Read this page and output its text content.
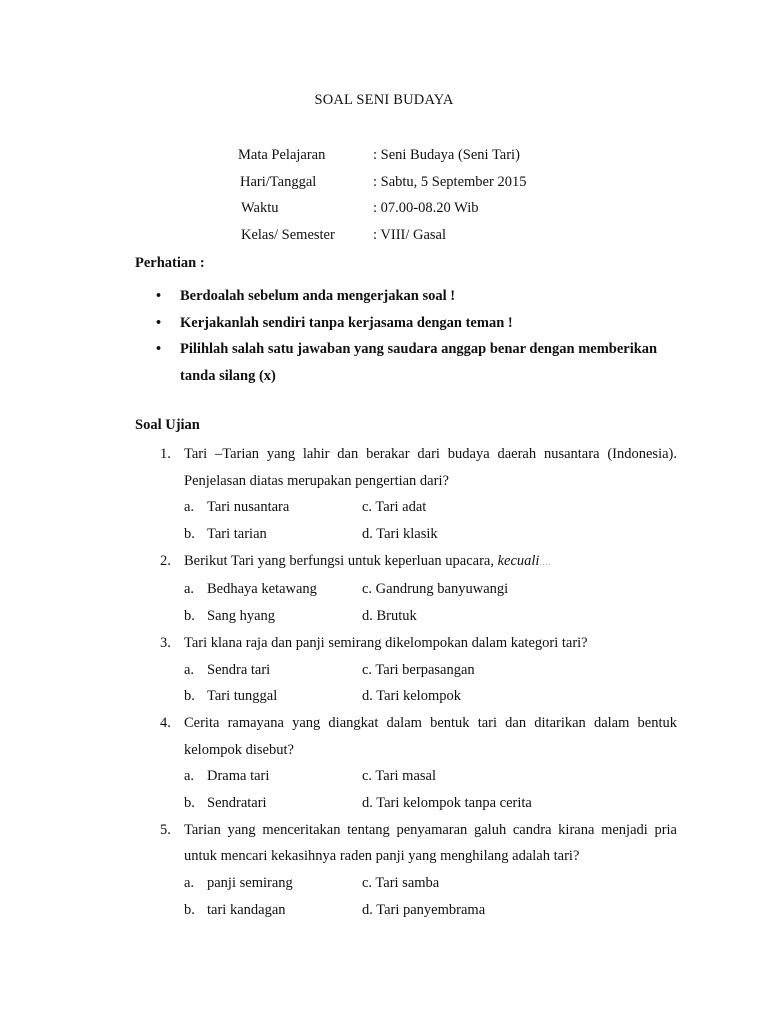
SOAL SENI BUDAYA
Mata Pelajaran	: Seni Budaya (Seni Tari)
Hari/Tanggal	: Sabtu, 5 September 2015
Waktu	: 07.00-08.20 Wib
Kelas/ Semester	: VIII/ Gasal
Perhatian :
• Berdoalah sebelum anda mengerjakan soal !
• Kerjakanlah sendiri tanpa kerjasama dengan teman !
• Pilihlah salah satu jawaban yang saudara anggap benar dengan memberikan tanda silang (x)
Soal Ujian
1. Tari –Tarian yang lahir dan berakar dari budaya daerah nusantara (Indonesia). Penjelasan diatas merupakan pengertian dari?
a. Tari nusantara	c. Tari adat
b. Tari tarian	d. Tari klasik
2. Berikut Tari yang berfungsi untuk keperluan upacara, kecuali....
a. Bedhaya ketawang	c. Gandrung banyuwangi
b. Sang hyang	d. Brutuk
3. Tari klana raja dan panji semirang dikelompokan dalam kategori tari?
a. Sendra tari	c. Tari berpasangan
b. Tari tunggal	d. Tari kelompok
4. Cerita ramayana yang diangkat dalam bentuk tari dan ditarikan dalam bentuk kelompok disebut?
a. Drama tari	c. Tari masal
b. Sendratari	d. Tari kelompok tanpa cerita
5. Tarian yang menceritakan tentang penyamaran galuh candra kirana menjadi pria untuk mencari kekasihnya raden panji yang menghilang adalah tari?
a. panji semirang	c. Tari samba
b. tari kandagan	d. Tari panyembrama
